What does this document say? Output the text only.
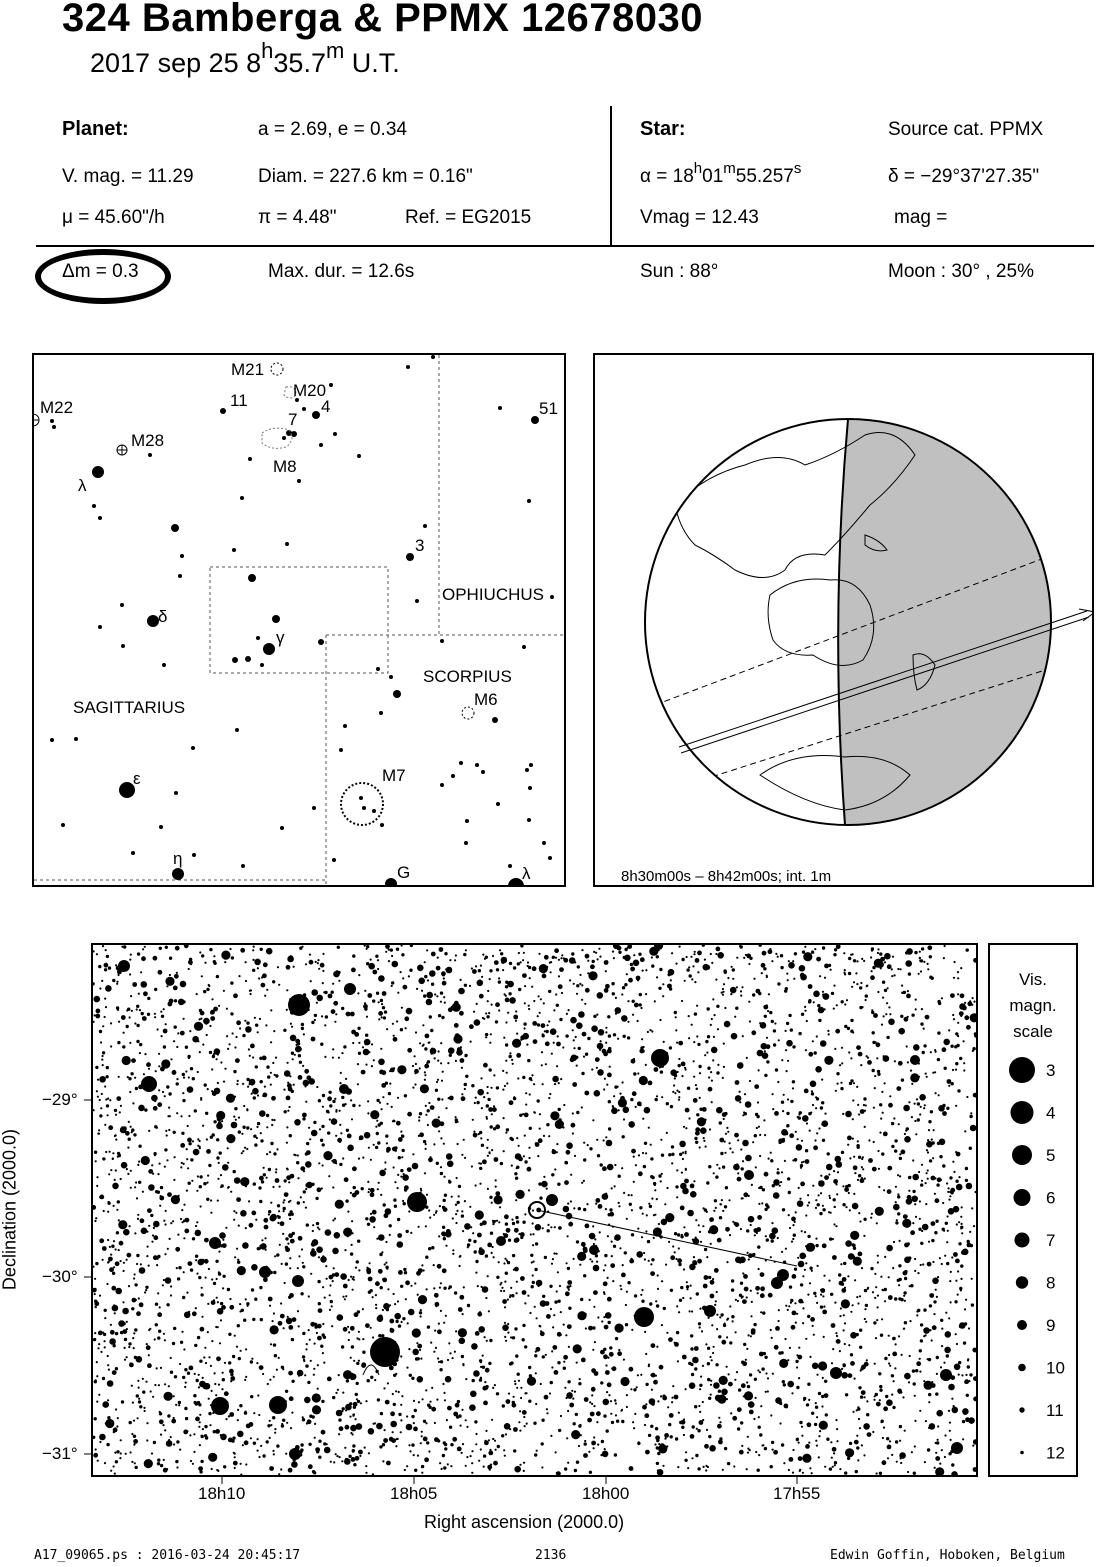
324 Bamberga & PPMX 12678030
2017 sep 25 8$^h$35.7$^m$ U.T.
Planet:	a = 2.69, e = 0.34
V. mag. = 11.29	Diam. = 227.6 km = 0.16"
μ = 45.60"/h	π = 4.48"	Ref. = EG2015
Star:	Source cat. PPMX
$\alpha = 18^h01^m55.257^s$	δ = −29°37'27.35"
Vmag = 12.43	mag =
Δm = 0.3	Max. dur. = 12.6s	Sun : 88°	Moon : 30° , 25%
M21
M20
M22
M28
M8
11
7
4	51
3
λ
δ
γ
ε
η
OPHIUCHUS
SCORPIUS
SAGITTARIUS	M6
M7
G	λ	8h30m00s – 8h42m00s; int. 1m
−29°
−30°
−31°
18h10	18h05	18h00	17h55
Declination (2000.0)
Right ascension (2000.0)
Vis.
magn.
scale
3
4
5
6
7
8
9
10
11
12
A17_09065.ps : 2016-03-24 20:45:17	2136	Edwin Goffin, Hoboken, Belgium
